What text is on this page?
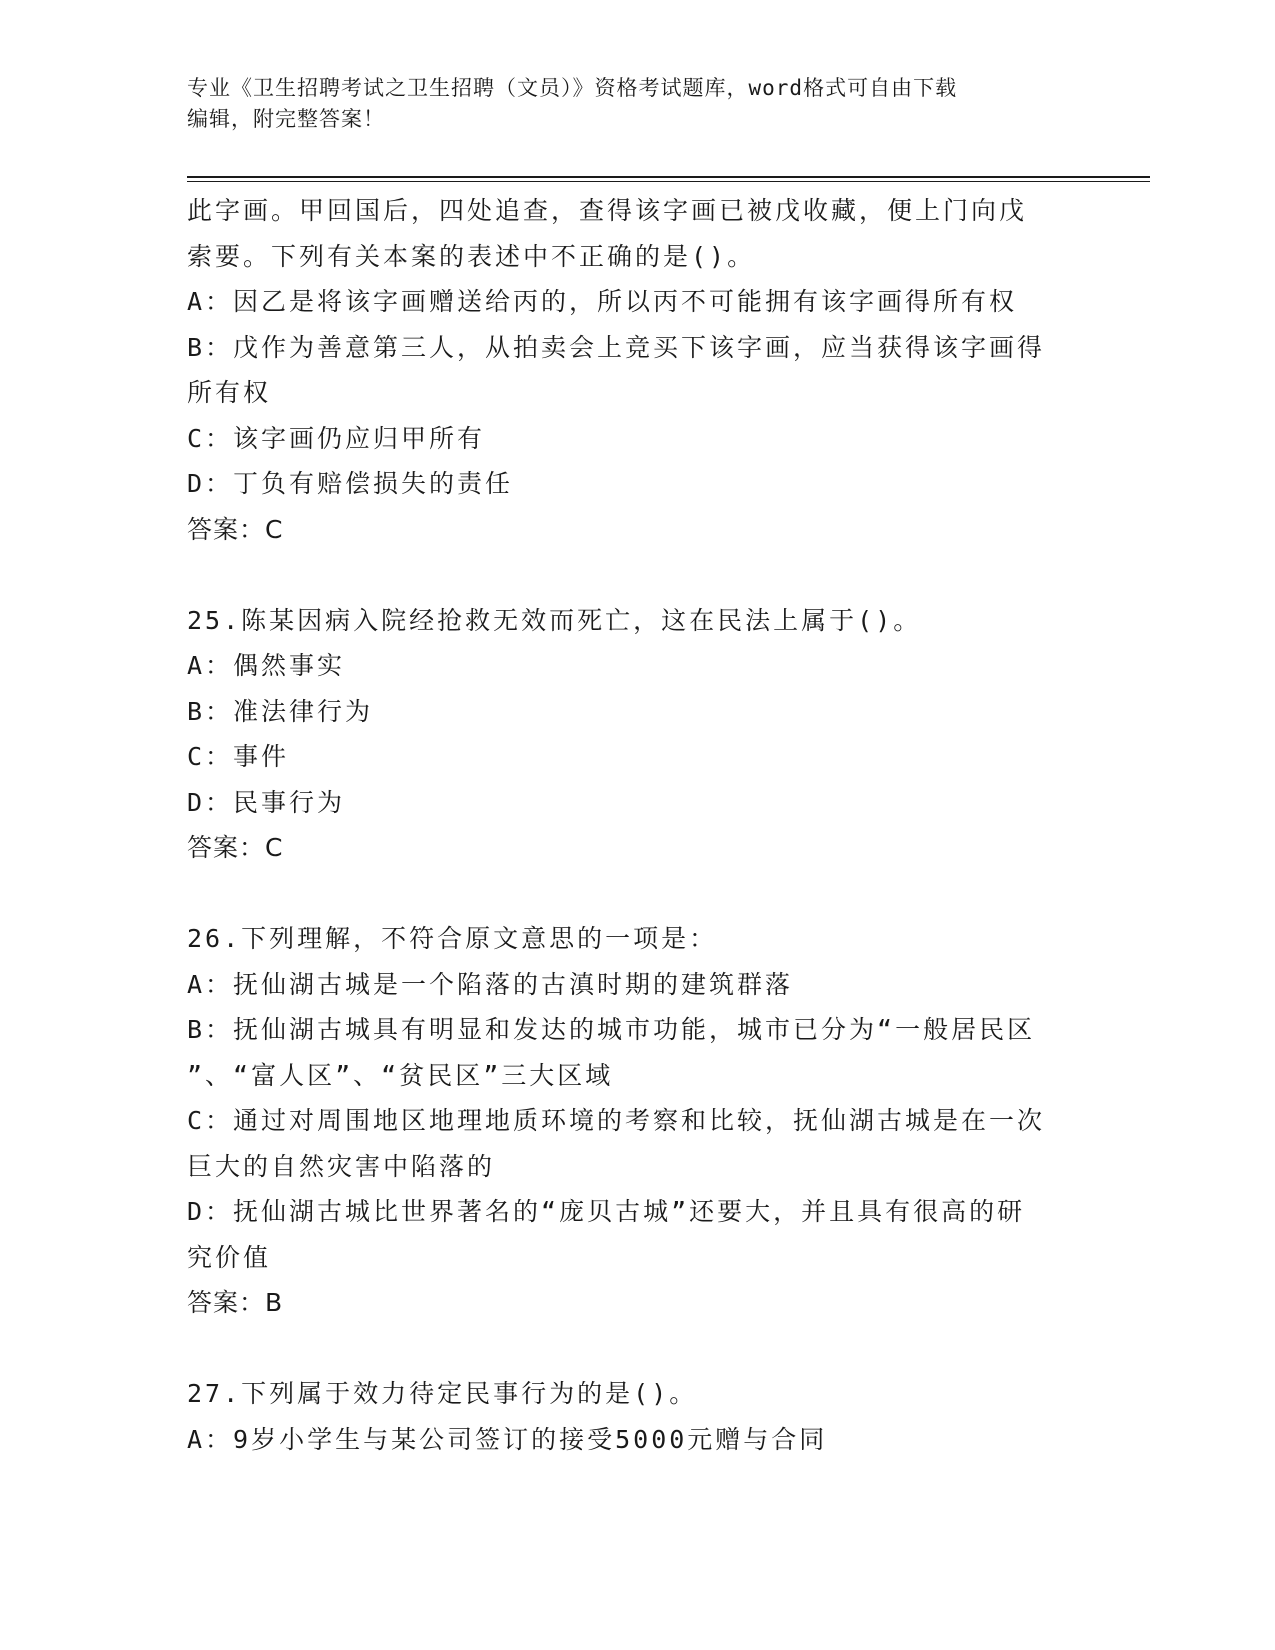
专业《卫生招聘考试之卫生招聘（文员）》资格考试题库，word格式可自由下载
编辑，附完整答案！
此字画。甲回国后，四处追查，查得该字画已被戊收藏，便上门向戊
索要。下列有关本案的表述中不正确的是()。
A：因乙是将该字画赠送给丙的，所以丙不可能拥有该字画得所有权
B：戊作为善意第三人，从拍卖会上竞买下该字画，应当获得该字画得
所有权
C：该字画仍应归甲所有
D：丁负有赔偿损失的责任
答案：C
25.陈某因病入院经抢救无效而死亡，这在民法上属于()。
A：偶然事实
B：准法律行为
C：事件
D：民事行为
答案：C
26.下列理解，不符合原文意思的一项是：
A：抚仙湖古城是一个陷落的古滇时期的建筑群落
B：抚仙湖古城具有明显和发达的城市功能，城市已分为“一般居民区
”、“富人区”、“贫民区”三大区域
C：通过对周围地区地理地质环境的考察和比较，抚仙湖古城是在一次
巨大的自然灾害中陷落的
D：抚仙湖古城比世界著名的“庞贝古城”还要大，并且具有很高的研
究价值
答案：B
27.下列属于效力待定民事行为的是()。
A：9岁小学生与某公司签订的接受5000元赠与合同
